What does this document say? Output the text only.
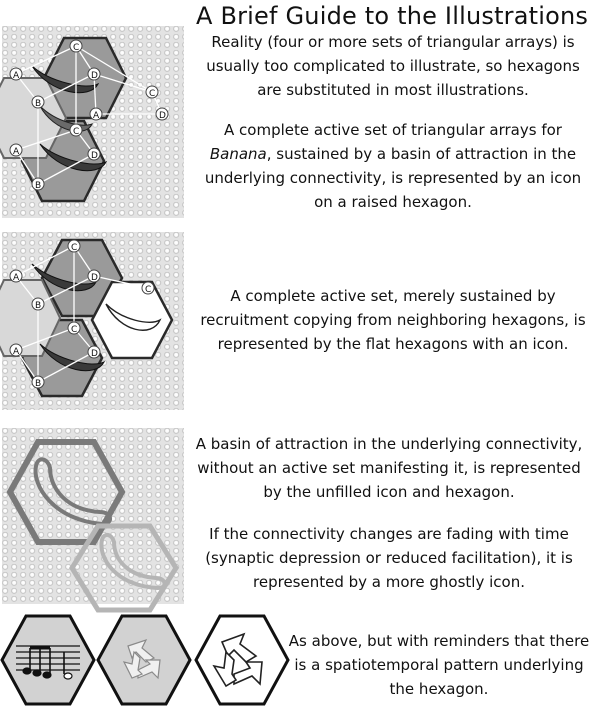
A Brief Guide to the Illustrations
Reality (four or more sets of triangular arrays) is usually too complicated to illustrate, so hexagons are substituted in most illustrations.
A complete active set of triangular arrays for Banana, sustained by a basin of attraction in the underlying connectivity, is represented by an icon on a raised hexagon.
A complete active set, merely sustained by recruitment copying from neighboring hexagons, is represented by the flat hexagons with an icon.
A basin of attraction in the underlying connectivity, without an active set manifesting it, is represented by the unfilled icon and hexagon.
If the connectivity changes are fading with time (synaptic depression or reduced facilitation), it is represented by a more ghostly icon.
As above, but with reminders that there is a spatiotemporal pattern underlying the hexagon.
C
A	D
B
C
D
A
C
A	D
B
C
A	D
B
C
C
A	D
B
